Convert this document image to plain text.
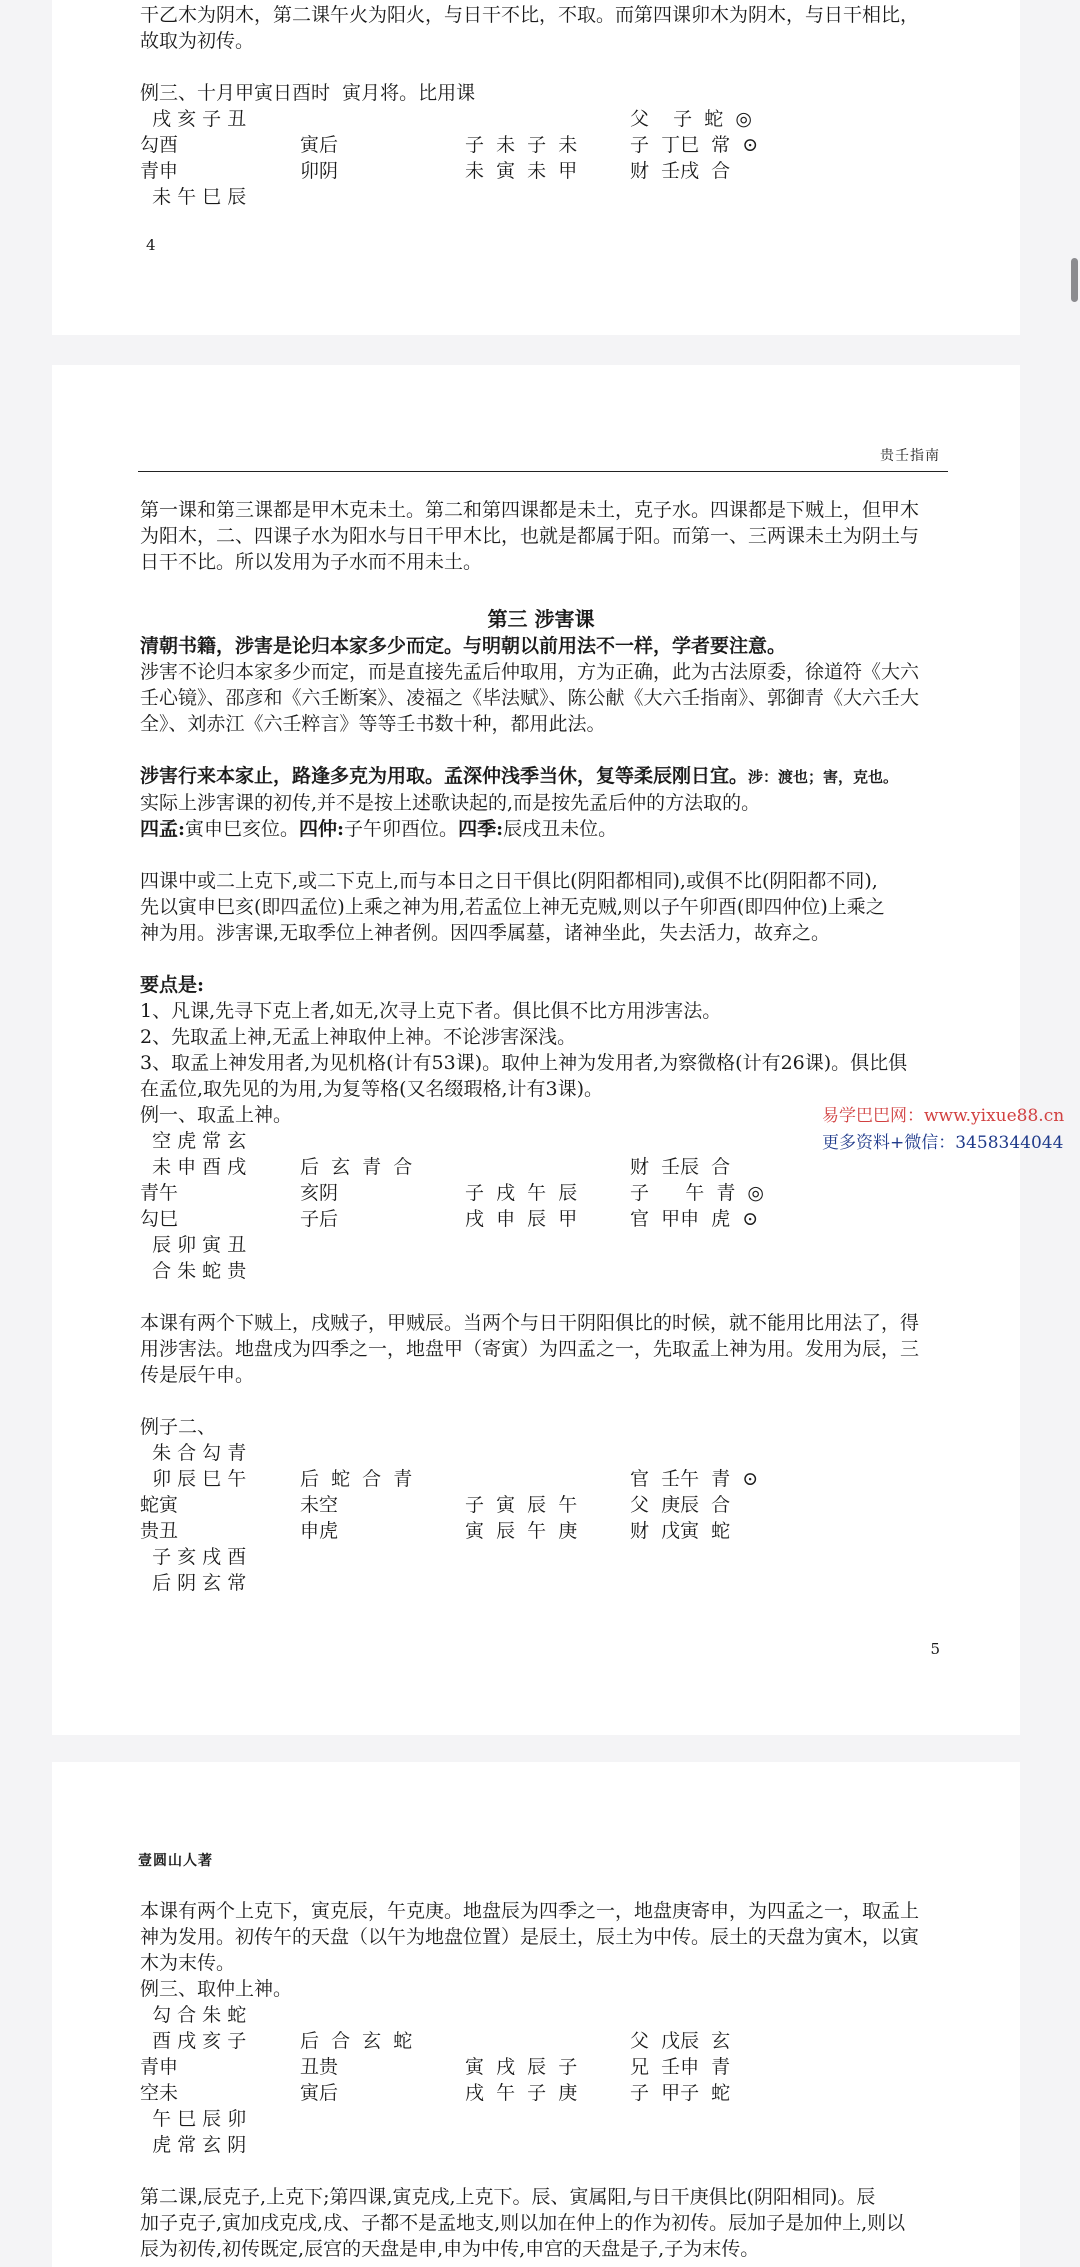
干乙木为阴木，第二课午火为阳火，与日干不比，不取。而第四课卯木为阴木，与日干相比，
故取为初传。
例三、十月甲寅日酉时  寅月将。比用课
戌 亥 子 丑	父    子  蛇  ◎
勾酉	寅后	子  未  子  未	子  丁巳  常  ⊙
青申	卯阴	未  寅  未  甲	财  壬戌  合
未 午 巳 辰
4
贵壬指南
第一课和第三课都是甲木克未土。第二和第四课都是未土，克子水。四课都是下贼上，但甲木
为阳木，二、四课子水为阳水与日干甲木比，也就是都属于阳。而第一、三两课未土为阴土与
日干不比。所以发用为子水而不用未土。
第三 涉害课
清朝书籍，涉害是论归本家多少而定。与明朝以前用法不一样，学者要注意。
涉害不论归本家多少而定，而是直接先孟后仲取用，方为正确，此为古法原委，徐道符《大六
壬心镜》、邵彦和《六壬断案》、凌福之《毕法赋》、陈公献《大六壬指南》、郭御青《大六壬大
全》、刘赤江《六壬粹言》等等壬书数十种，都用此法。
涉害行来本家止，路逢多克为用取。孟深仲浅季当休，复等柔辰刚日宜。涉：渡也；害，克也。
实际上涉害课的初传,并不是按上述歌诀起的,而是按先孟后仲的方法取的。
四孟:寅申巳亥位。四仲:子午卯酉位。四季:辰戌丑未位。
四课中或二上克下,或二下克上,而与本日之日干俱比(阴阳都相同),或俱不比(阴阳都不同),
先以寅申巳亥(即四孟位)上乘之神为用,若孟位上神无克贼,则以子午卯酉(即四仲位)上乘之
神为用。涉害课,无取季位上神者例。因四季属墓，诸神坐此，失去活力，故弃之。
要点是:
1、凡课,先寻下克上者,如无,次寻上克下者。俱比俱不比方用涉害法。
2、先取孟上神,无孟上神取仲上神。不论涉害深浅。
3、取孟上神发用者,为见机格(计有53课)。取仲上神为发用者,为察微格(计有26课)。俱比俱
在孟位,取先见的为用,为复等格(又名缀瑕格,计有3课)。
例一、取孟上神。
空 虎 常 玄
未 申 酉 戌	后  玄  青  合	财  壬辰  合
青午	亥阴	子  戌  午  辰	子      午  青  ◎
勾巳	子后	戌  申  辰  甲	官  甲申  虎  ⊙
辰 卯 寅 丑
合 朱 蛇 贵
本课有两个下贼上，戌贼子，甲贼辰。当两个与日干阴阳俱比的时候，就不能用比用法了，得
用涉害法。地盘戌为四季之一，地盘甲（寄寅）为四孟之一，先取孟上神为用。发用为辰，三
传是辰午申。
例子二、
朱 合 勾 青
卯 辰 巳 午	后  蛇  合  青	官  壬午  青  ⊙
蛇寅	未空	子  寅  辰  午	父  庚辰  合
贵丑	申虎	寅  辰  午  庚	财  戊寅  蛇
子 亥 戌 酉
后 阴 玄 常
5
壹圆山人著
本课有两个上克下，寅克辰，午克庚。地盘辰为四季之一，地盘庚寄申，为四孟之一，取孟上
神为发用。初传午的天盘（以午为地盘位置）是辰土，辰土为中传。辰土的天盘为寅木，以寅
木为末传。
例三、取仲上神。
勾 合 朱 蛇
酉 戌 亥 子	后  合  玄  蛇	父  戊辰  玄
青申	丑贵	寅  戌  辰  子	兄  壬申  青
空未	寅后	戌  午  子  庚	子  甲子  蛇
午 巳 辰 卯
虎 常 玄 阴
第二课,辰克子,上克下;第四课,寅克戌,上克下。辰、寅属阳,与日干庚俱比(阴阳相同)。辰
加子克子,寅加戌克戌,戌、子都不是孟地支,则以加在仲上的作为初传。辰加子是加仲上,则以
辰为初传,初传既定,辰宫的天盘是申,申为中传,申宫的天盘是子,子为末传。
易学巴巴网：www.yixue88.cn
更多资料+微信：3458344044
